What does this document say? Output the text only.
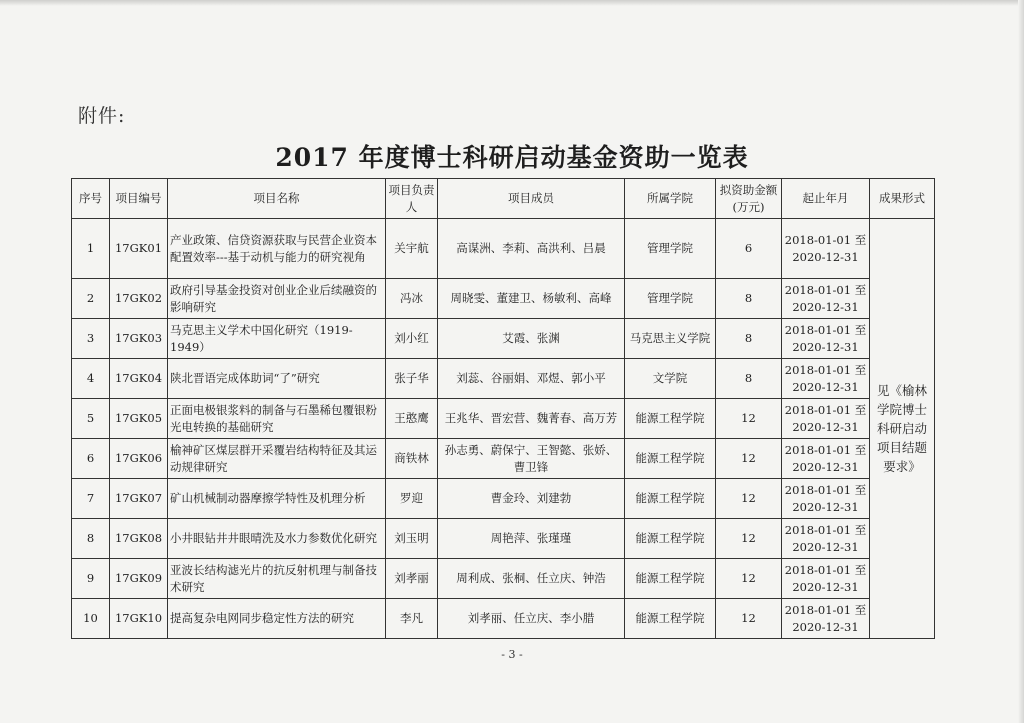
附件:
2017 年度博士科研启动基金资助一览表
序号	项目编号	项目名称	项目负责人	项目成员	所属学院	拟资助金额(万元)	起止年月	成果形式
1	17GK01	产业政策、信贷资源获取与民营企业资本配置效率---基于动机与能力的研究视角	关宇航	高谋洲、李莉、高洪利、吕晨	管理学院	6	2018-01-01 至 2020-12-31	见《榆林学院博士科研启动项目结题要求》
2	17GK02	政府引导基金投资对创业企业后续融资的影响研究	冯冰	周晓雯、董建卫、杨敏利、高峰	管理学院	8	2018-01-01 至 2020-12-31	
3	17GK03	马克思主义学术中国化研究（1919-1949）	刘小红	艾霞、张渊	马克思主义学院	8	2018-01-01 至 2020-12-31	
4	17GK04	陕北晋语完成体助词“了”研究	张子华	刘蕊、谷丽娟、邓煜、郭小平	文学院	8	2018-01-01 至 2020-12-31	
5	17GK05	正面电极银浆料的制备与石墨稀包覆银粉光电转换的基础研究	王憨鹰	王兆华、晋宏营、魏菁春、高万芳	能源工程学院	12	2018-01-01 至 2020-12-31	
6	17GK06	榆神矿区煤层群开采覆岩结构特征及其运动规律研究	商铁林	孙志勇、蔚保宁、王智懿、张娇、曹卫锋	能源工程学院	12	2018-01-01 至 2020-12-31	
7	17GK07	矿山机械制动器摩擦学特性及机理分析	罗迎	曹金玲、刘建勃	能源工程学院	12	2018-01-01 至 2020-12-31	
8	17GK08	小井眼钻井井眼晴洗及水力参数优化研究	刘玉明	周艳萍、张瑾瑾	能源工程学院	12	2018-01-01 至 2020-12-31	
9	17GK09	亚波长结构滤光片的抗反射机理与制备技术研究	刘孝丽	周利成、张桐、任立庆、钟浩	能源工程学院	12	2018-01-01 至 2020-12-31	
10	17GK10	提高复杂电网同步稳定性方法的研究	李凡	刘孝丽、任立庆、李小腊	能源工程学院	12	2018-01-01 至 2020-12-31	
- 3 -
